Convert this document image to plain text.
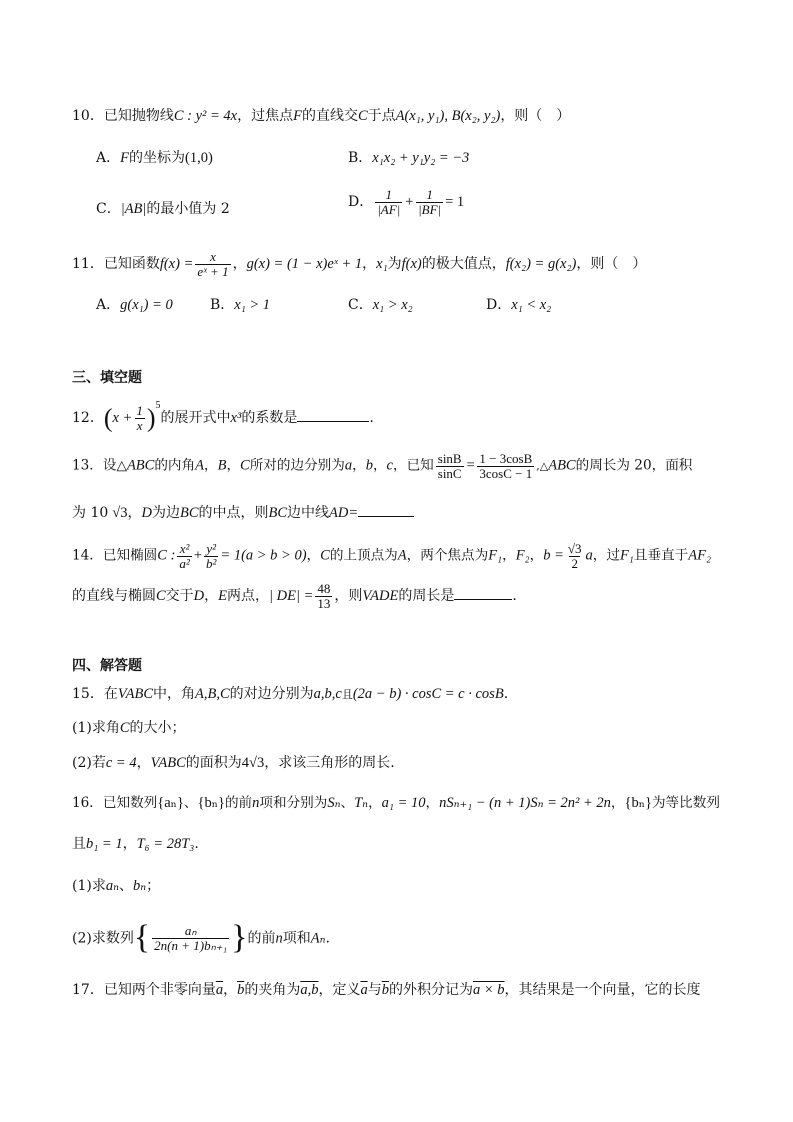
10．已知抛物线C : y² = 4x，过焦点F的直线交C于点A(x₁, y₁), B(x₂, y₂)，则（　）
A．F的坐标为(1,0)	B．x₁x₂ + y₁y₂ = −3
C．|AB|的最小值为 2	D． $\frac{1}{|AF|} + \frac{1}{|BF|} = 1$
11．已知函数$f(x) = \frac{x}{\text{eˣ + 1}}$ ，g(x) = (1 − x)eˣ + 1，x₁为f(x)的极大值点，f(x₂) = g(x₂)，则（　）
A．g(x₁) = 0	B．x₁ > 1	C．x₁ > x₂	D．x₁ < x₂
三、填空题
12．$(x + \frac{1}{x} )^5$的展开式中x³的系数是	.
13．设△ABC的内角A，B，C所对的边分别为a，b，c，已知 $\frac{\sin B}{\sin C} = \frac{1 - 3\cos B}{3\cos C - 1}$ ,△ABC的周长为 20，面积
为 10 √3，D为边BC的中点，则BC边中线AD=
14．已知椭圆C : $\frac{\text{x²}}{\text{a²}} + \frac{\text{y²}}{\text{b²}} = 1(a > b > 0)$，C的上顶点为A，两个焦点为F₁，F₂，$b = \frac{√3}{2}$ a，过F₁且垂直于AF₂
的直线与椭圆C交于D，E两点，| $DE| = \frac{48}{13}$ ，则VADE的周长是	.
四、解答题
15．在VABC中，角A,B,C的对边分别为a,b,c且(2a − b) · cosC = c · cosB.
(1)求角C的大小；
(2)若c = 4，VABC的面积为4√3，求该三角形的周长.
16．已知数列{aₙ}、{bₙ}的前n项和分别为Sₙ、Tₙ，a₁ = 10，nSₙ₊₁ − (n + 1)Sₙ = 2n² + 2n，{bₙ}为等比数列
且b₁ = 1，T₆ = 28T₃.
(1)求aₙ、bₙ；
(2)求数列{ $\frac{\text{aₙ}}{\text{2n(n + 1)bₙ₊₁}}$ }的前n项和Aₙ.
17．已知两个非零向量$\overline{a}$，$\overline{b}$的夹角为a,b，定义$\overline{a}$与$\overline{b}$的外积分记为a × b，其结果是一个向量，它的长度
